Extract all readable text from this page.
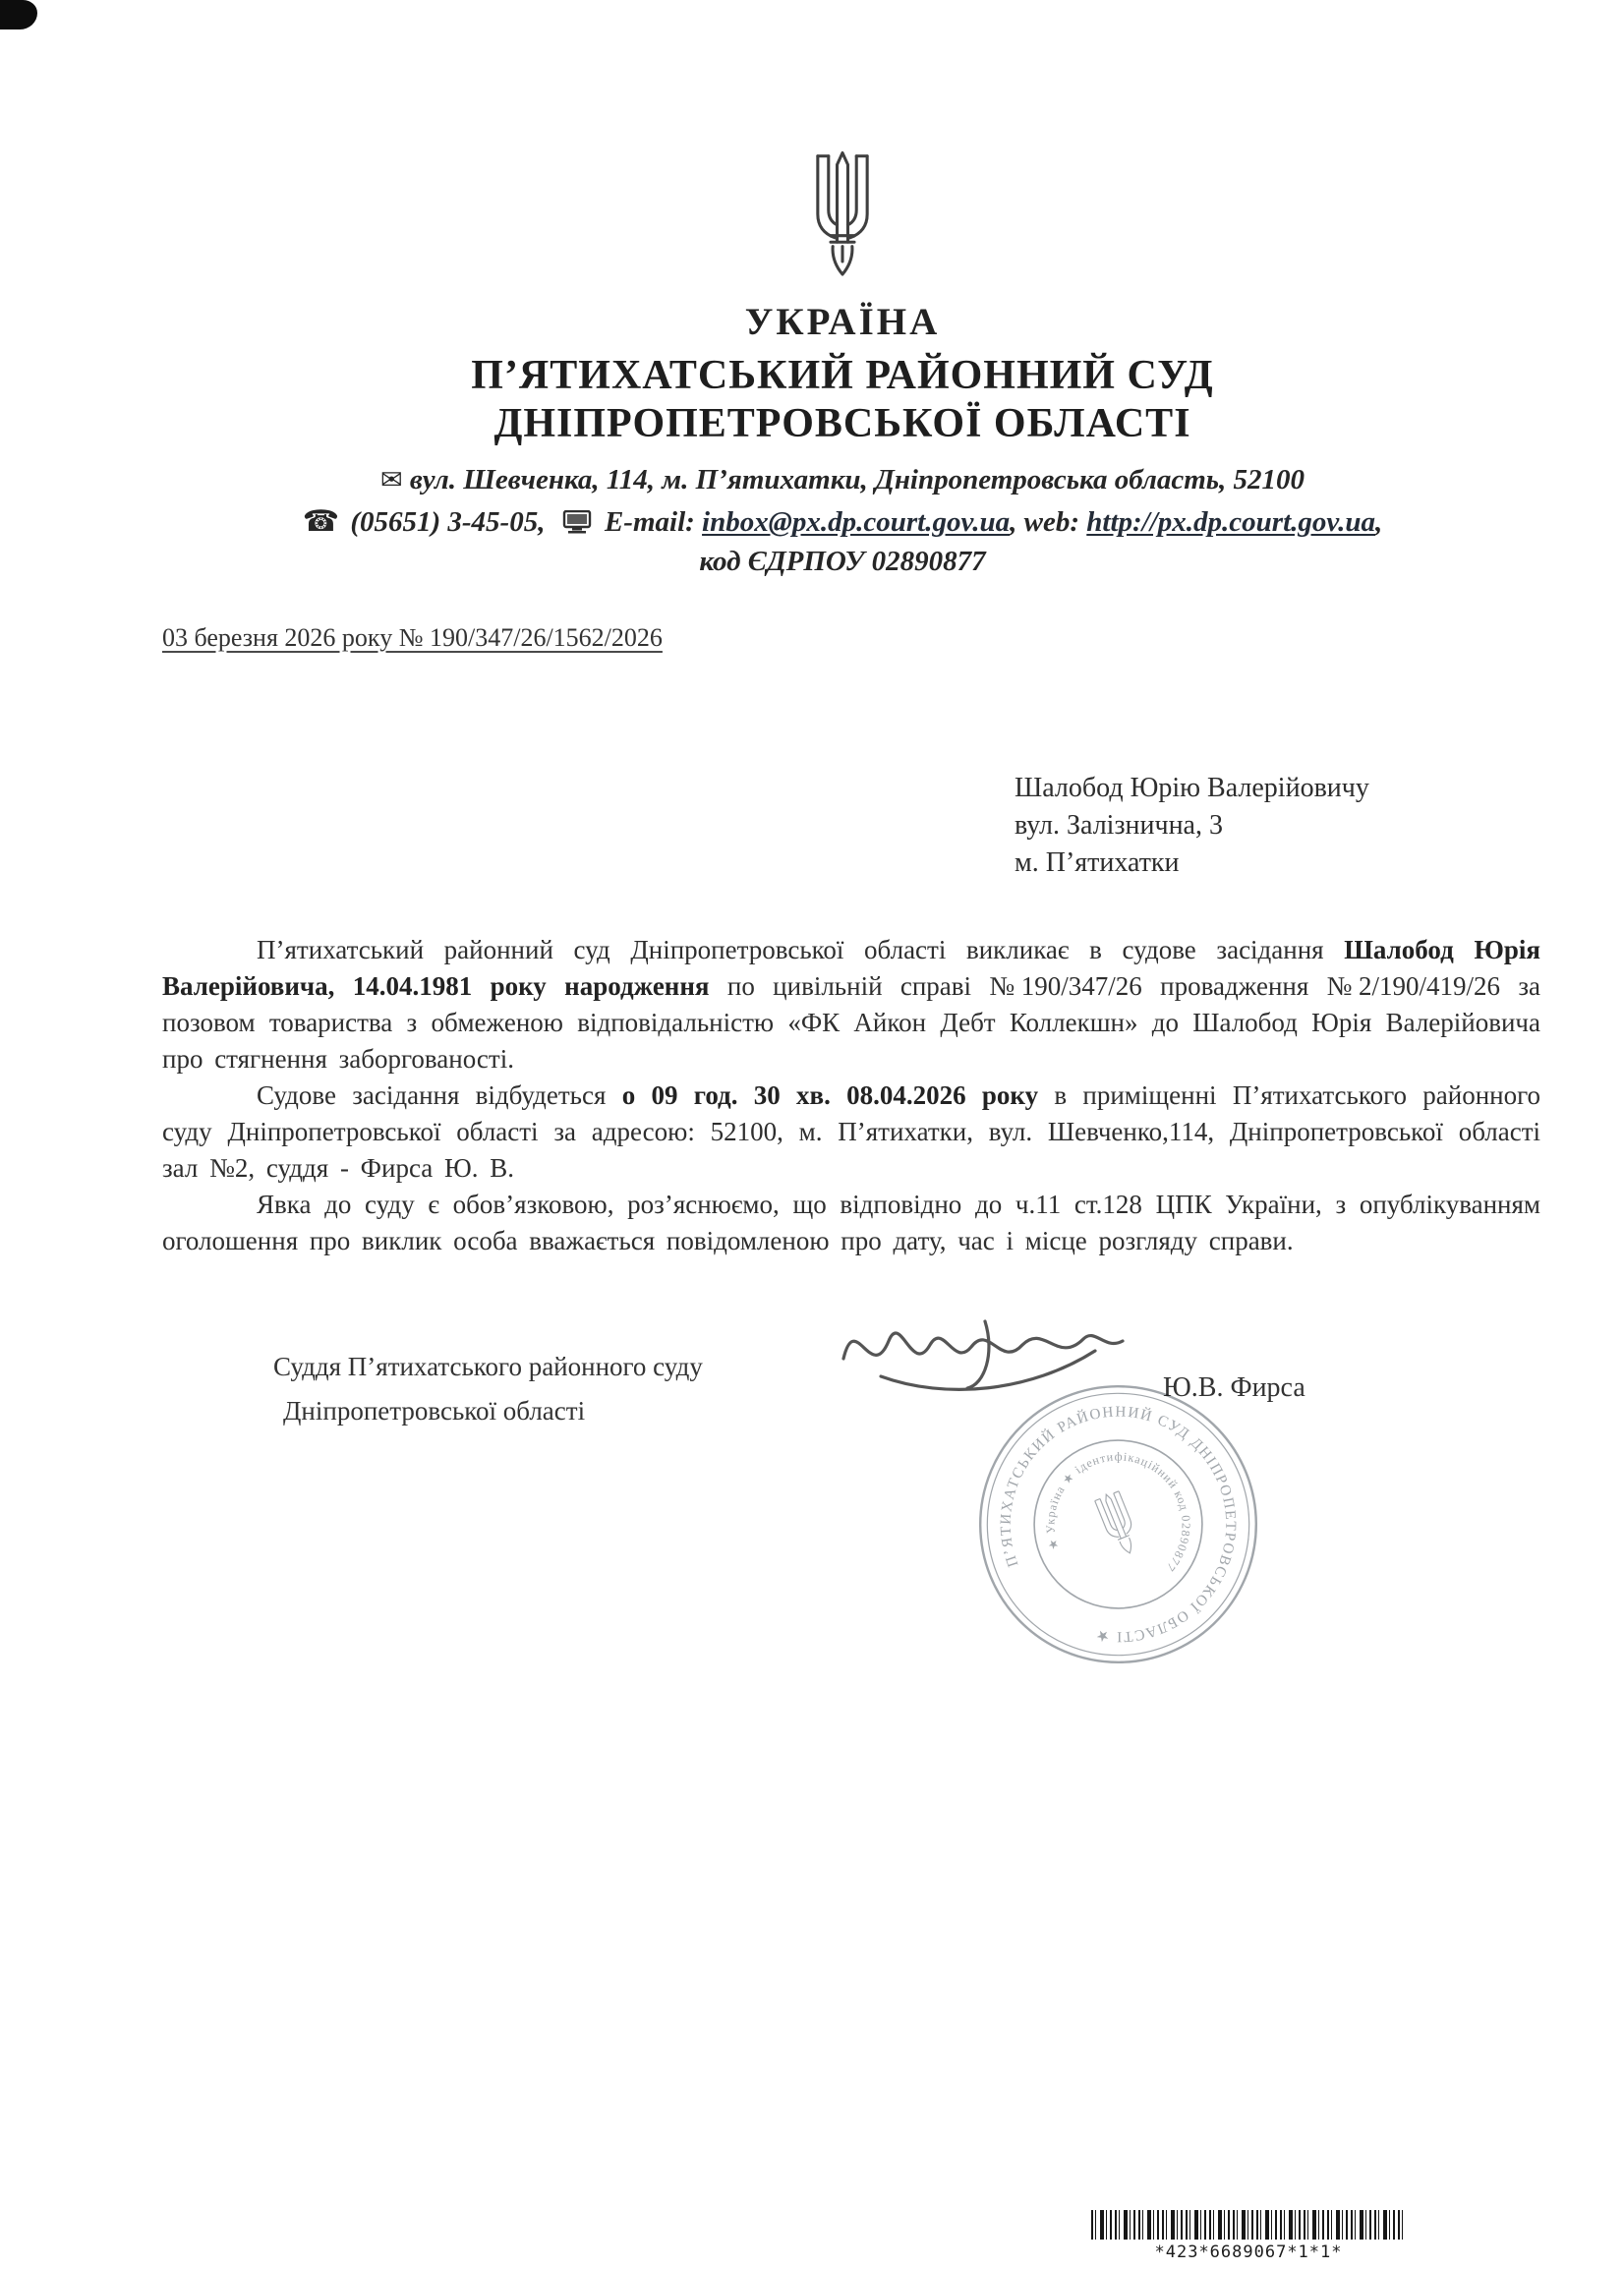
УКРАЇНА
П’ЯТИХАТСЬКИЙ РАЙОННИЙ СУД
ДНІПРОПЕТРОВСЬКОЇ ОБЛАСТІ
✉ вул. Шевченка, 114, м. П’ятихатки, Дніпропетровська область, 52100
☎ (05651) 3-45-05, E-mail: inbox@px.dp.court.gov.ua, web: http://px.dp.court.gov.ua,
код ЄДРПОУ 02890877
03 березня 2026 року № 190/347/26/1562/2026
Шалобод Юрію Валерійовичу
вул. Залізнична, 3
м. П’ятихатки

П’ятихатський районний суд Дніпропетровської області викликає в судове засідання Шалобод Юрія Валерійовича, 14.04.1981 року народження по цивільній справі №190/347/26 провадження №2/190/419/26 за позовом товариства з обмеженою відповідальністю «ФК Айкон Дебт Коллекшн» до Шалобод Юрія Валерійовича про стягнення заборгованості.

Судове засідання відбудеться о 09 год. 30 хв. 08.04.2026 року в приміщенні П’ятихатського районного суду Дніпропетровської області за адресою: 52100, м. П’ятихатки, вул. Шевченко,114, Дніпропетровської області зал №2, суддя - Фирса Ю. В.

Явка до суду є обов’язковою, роз’яснюємо, що відповідно до ч.11 ст.128 ЦПК України, з опублікуванням оголошення про виклик особа вважається повідомленою про дату, час і місце розгляду справи.

Суддя П’ятихатського районного суду
Дніпропетровської області
Ю.В. Фирса
П’ЯТИХАТСЬКИЙ РАЙОННИЙ СУД ДНІПРОПЕТРОВСЬКОЇ ОБЛАСТІ ★
★ Україна ★ ідентифікаційний код 02890877
*423*6689067*1*1*
